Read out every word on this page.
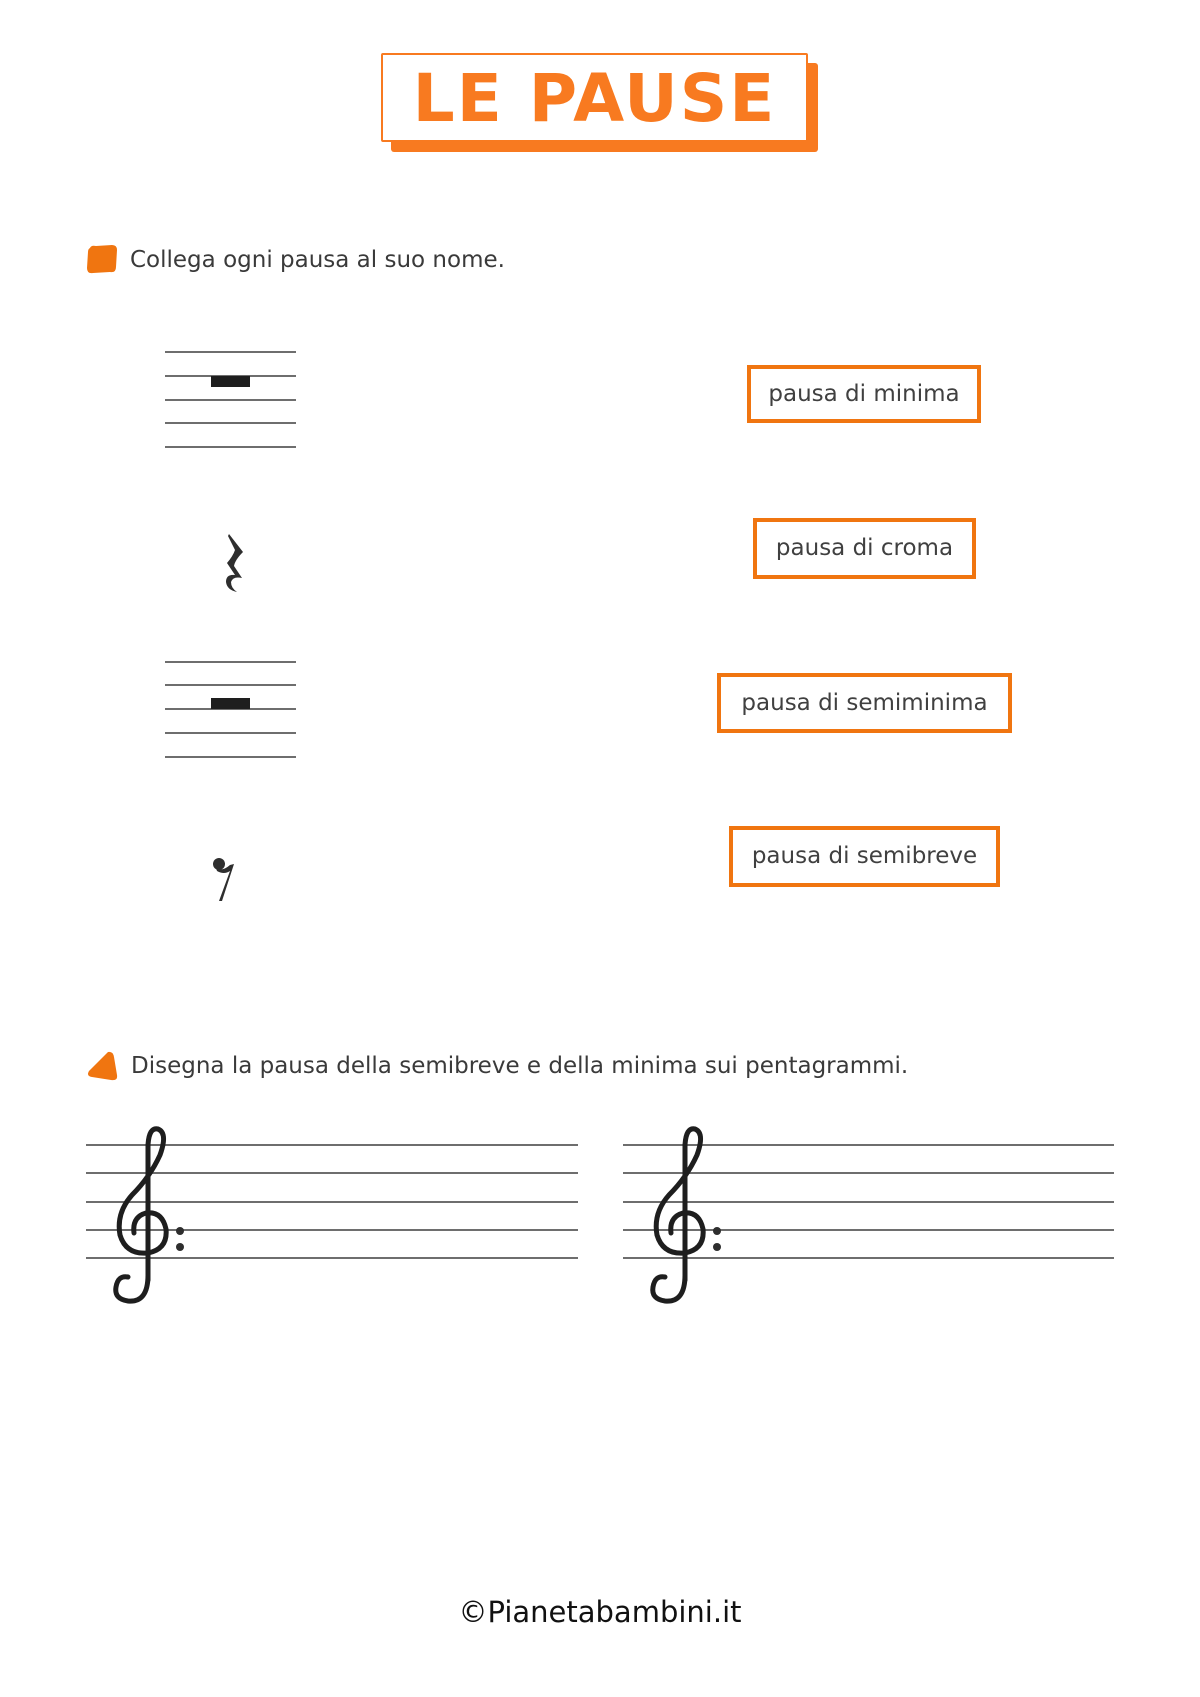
LE PAUSE
Collega ogni pausa al suo nome.
pausa di minima
pausa di croma
pausa di semiminima
pausa di semibreve
Disegna la pausa della semibreve e della minima sui pentagrammi.
©Pianetabambini.it
